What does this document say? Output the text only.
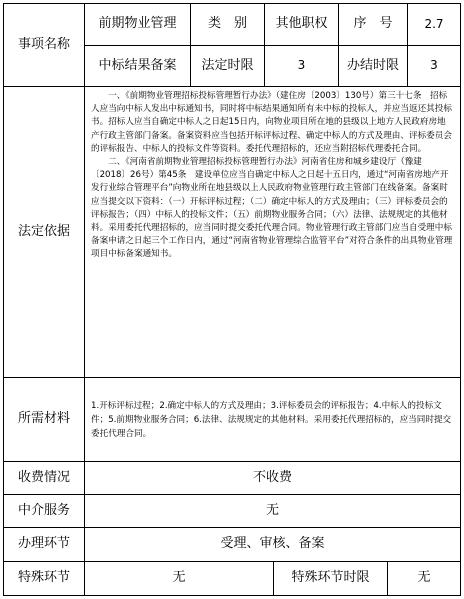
事项名称
前期物业管理	类　别	其他职权	序　号	2.7
中标结果备案	法定时限	3	办结时限	3
法定依据

一、《前期物业管理招标投标管理暂行办法》（建住房〔2003〕130号）第三十七条　招标人应当向中标人发出中标通知书，同时将中标结果通知所有未中标的投标人，并应当返还其投标书。招标人应当自确定中标人之日起15日内，向物业项目所在地的县级以上地方人民政府房地产行政主管部门备案。备案资料应当包括开标评标过程、确定中标人的方式及理由、评标委员会的评标报告、中标人的投标文件等资料。委托代理招标的，还应当附招标代理委托合同。

二、《河南省前期物业管理招标投标管理暂行办法》河南省住房和城乡建设厅（豫建〔2018〕26号）第45条　建设单位应当自确定中标人之日起十五日内，通过“河南省房地产开发行业综合管理平台”向物业所在地县级以上人民政府物业管理行政主管部门在线备案。备案时应当提交以下资料：（一）开标评标过程；（二）确定中标人的方式及理由；（三）评标委员会的评标报告；（四）中标人的投标文件；（五）前期物业服务合同；（六）法律、法规规定的其他材料。采用委托代理招标的，应当同时提交委托代理合同。物业管理行政主管部门应当自受理中标备案申请之日起三个工作日内，通过“河南省物业管理综合监管平台”对符合条件的出具物业管理项目中标备案通知书。

所需材料
1.开标评标过程；2.确定中标人的方式及理由；3.评标委员会的评标报告；4.中标人的投标文件；5.前期物业服务合同；6.法律、法规规定的其他材料。采用委托代理招标的，应当同时提交委托代理合同。
收费情况	不收费
中介服务	无
办理环节	受理、审核、备案
特殊环节	无	特殊环节时限	无
